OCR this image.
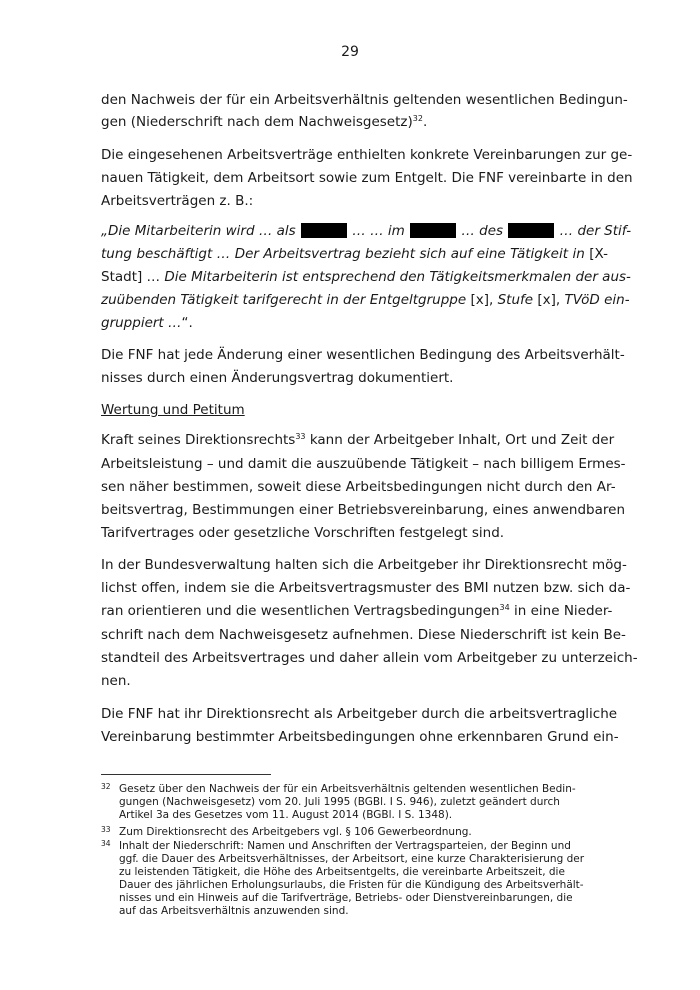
29
den Nachweis der für ein Arbeitsverhältnis geltenden wesentlichen Bedingun-
gen (Niederschrift nach dem Nachweisgesetz)$^{32}$.
Die eingesehenen Arbeitsverträge enthielten konkrete Vereinbarungen zur ge-
nauen Tätigkeit, dem Arbeitsort sowie zum Entgelt. Die FNF vereinbarte in den
Arbeitsverträgen z. B.:
„Die Mitarbeiterin wird … als	… … im	… des	… der Stif-
tung beschäftigt … Der Arbeitsvertrag bezieht sich auf eine Tätigkeit in [X-
Stadt] … Die Mitarbeiterin ist entsprechend den Tätigkeitsmerkmalen der aus-
zuübenden Tätigkeit tarifgerecht in der Entgeltgruppe [x], Stufe [x], TVöD ein-
gruppiert …“.
Die FNF hat jede Änderung einer wesentlichen Bedingung des Arbeitsverhält-
nisses durch einen Änderungsvertrag dokumentiert.
Wertung und Petitum
Kraft seines Direktionsrechts$^{33}$ kann der Arbeitgeber Inhalt, Ort und Zeit der
Arbeitsleistung – und damit die auszuübende Tätigkeit – nach billigem Ermes-
sen näher bestimmen, soweit diese Arbeitsbedingungen nicht durch den Ar-
beitsvertrag, Bestimmungen einer Betriebsvereinbarung, eines anwendbaren
Tarifvertrages oder gesetzliche Vorschriften festgelegt sind.
In der Bundesverwaltung halten sich die Arbeitgeber ihr Direktionsrecht mög-
lichst offen, indem sie die Arbeitsvertragsmuster des BMI nutzen bzw. sich da-
ran orientieren und die wesentlichen Vertragsbedingungen$^{34}$ in eine Nieder-
schrift nach dem Nachweisgesetz aufnehmen. Diese Niederschrift ist kein Be-
standteil des Arbeitsvertrages und daher allein vom Arbeitgeber zu unterzeich-
nen.
Die FNF hat ihr Direktionsrecht als Arbeitgeber durch die arbeitsvertragliche
Vereinbarung bestimmter Arbeitsbedingungen ohne erkennbaren Grund ein-
32 Gesetz über den Nachweis der für ein Arbeitsverhältnis geltenden wesentlichen Bedin-
gungen (Nachweisgesetz) vom 20. Juli 1995 (BGBl. I S. 946), zuletzt geändert durch
Artikel 3a des Gesetzes vom 11. August 2014 (BGBl. I S. 1348).
33 Zum Direktionsrecht des Arbeitgebers vgl. § 106 Gewerbeordnung.
34 Inhalt der Niederschrift: Namen und Anschriften der Vertragsparteien, der Beginn und
ggf. die Dauer des Arbeitsverhältnisses, der Arbeitsort, eine kurze Charakterisierung der
zu leistenden Tätigkeit, die Höhe des Arbeitsentgelts, die vereinbarte Arbeitszeit, die
Dauer des jährlichen Erholungsurlaubs, die Fristen für die Kündigung des Arbeitsverhält-
nisses und ein Hinweis auf die Tarifverträge, Betriebs- oder Dienstvereinbarungen, die
auf das Arbeitsverhältnis anzuwenden sind.
